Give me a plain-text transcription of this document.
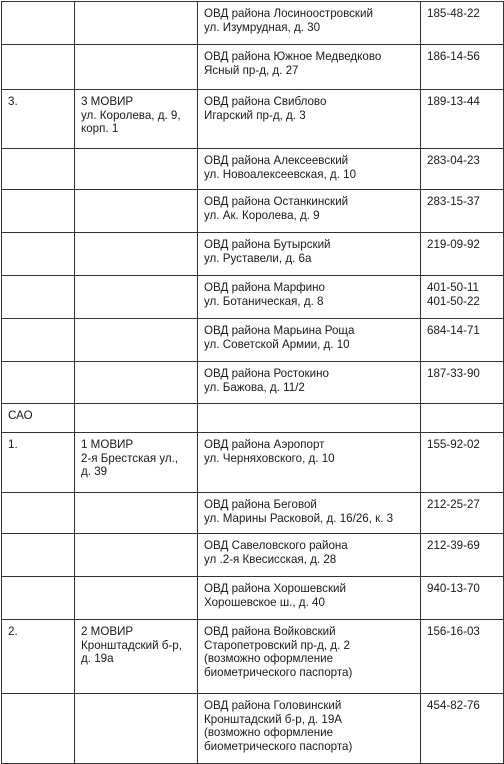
		ОВД района Лосиноостровский
ул. Изумрудная, д. 30	185-48-22

		ОВД района Южное Медведково
Ясный пр-д, д. 27	186-14-56

3.	3 МОВИР
ул. Королева, д. 9,
корп. 1	ОВД района Свиблово
Игарский пр-д, д. 3	189-13-44

		ОВД района Алексеевский
ул. Новоалексеевская, д. 10	283-04-23

		ОВД района Останкинский
ул. Ак. Королева, д. 9	283-15-37

		ОВД района Бутырский
ул. Руставели, д. 6а	219-09-92

		ОВД района Марфино
ул. Ботаническая, д. 8	401-50-11
401-50-22

		ОВД района Марьина Роща
ул. Советской Армии, д. 10	684-14-71

		ОВД района Ростокино
ул. Бажова, д. 11/2	187-33-90

САО			

1.	1 МОВИР
2-я Брестская ул.,
д. 39	ОВД района Аэропорт
ул. Черняховского, д. 10	155-92-02

		ОВД района Беговой
ул. Марины Расковой, д. 16/26, к. 3	212-25-27

		ОВД Савеловского района
ул .2-я Квесисская, д. 28	212-39-69

		ОВД района Хорошевский
Хорошевское ш., д. 40	940-13-70

2.	2 МОВИР
Кронштадский б-р,
д. 19а	ОВД района Войковский
Старопетровский пр-д, д. 2
(возможно оформление
биометрического паспорта)	156-16-03

		ОВД района Головинский
Кронштадский б-р, д. 19А
(возможно оформление
биометрического паспорта)	454-82-76
